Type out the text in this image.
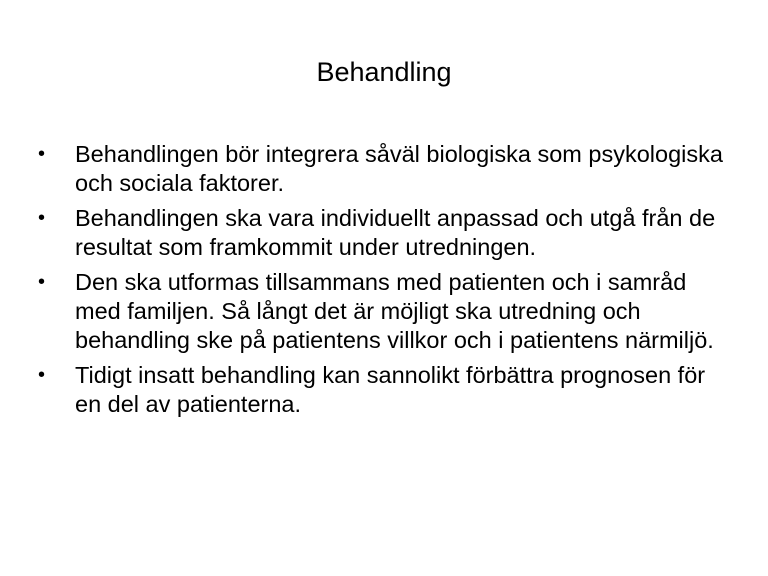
Behandling
•	Behandlingen bör integrera såväl biologiska som psykologiska och sociala faktorer.
•	Behandlingen ska vara individuellt anpassad och utgå från de resultat som framkommit under utredningen.
•	Den ska utformas tillsammans med patienten och i samråd med familjen. Så långt det är möjligt ska utredning och behandling ske på patientens villkor och i patientens närmiljö.
•	Tidigt insatt behandling kan sannolikt förbättra prognosen för en del av patienterna.
